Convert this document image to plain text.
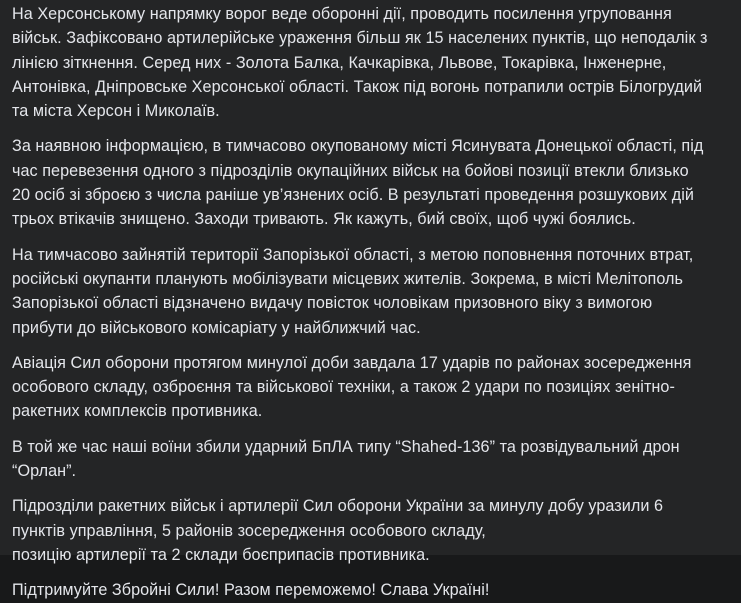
На Херсонському напрямку ворог веде оборонні дії, проводить посилення угруповання
військ. Зафіксовано артилерійське ураження більш як 15 населених пунктів, що неподалік з
лінією зіткнення. Серед них - Золота Балка, Качкарівка, Львове, Токарівка, Інженерне,
Антонівка, Дніпровське Херсонської області. Також під вогонь потрапили острів Білогрудий
та міста Херсон і Миколаїв.

За наявною інформацією, в тимчасово окупованому місті Ясинувата Донецької області, під
час перевезення одного з підрозділів окупаційних військ на бойові позиції втекли близько
20 осіб зі зброєю з числа раніше ув’язнених осіб. В результаті проведення розшукових дій
трьох втікачів знищено. Заходи тривають. Як кажуть, бий своїх, щоб чужі боялись.

На тимчасово зайнятій території Запорізької області, з метою поповнення поточних втрат,
російські окупанти планують мобілізувати місцевих жителів. Зокрема, в місті Мелітополь
Запорізької області відзначено видачу повісток чоловікам призовного віку з вимогою
прибути до військового комісаріату у найближчий час.

Авіація Сил оборони протягом минулої доби завдала 17 ударів по районах зосередження
особового складу, озброєння та військової техніки, а також 2 удари по позиціях зенітно-
ракетних комплексів противника.

В той же час наші воїни збили ударний БпЛА типу “Shahed-136” та розвідувальний дрон
“Орлан”.

Підрозділи ракетних військ і артилерії Сил оборони України за минулу добу уразили 6
пунктів управління, 5 районів зосередження особового складу,
позицію артилерії та 2 склади боєприпасів противника.

Підтримуйте Збройні Сили! Разом переможемо! Слава Україні!
